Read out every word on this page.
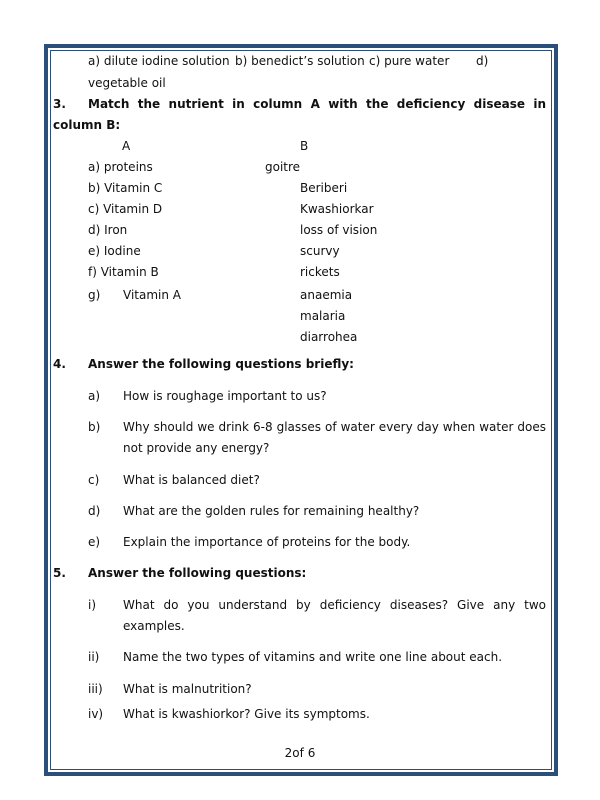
a) dilute iodine solution b) benedict’s solution c) pure water d)
vegetable oil
3. Match the nutrient in column A with the deficiency disease in
column B:
A	B
a) proteins
b) Vitamin C
c) Vitamin D
d) Iron
e) Iodine
f) Vitamin B
g) Vitamin A
goitre
Beriberi
Kwashiorkar
loss of vision
scurvy
rickets
anaemia
malaria
diarrohea
4. Answer the following questions briefly:
a) How is roughage important to us?
b) Why should we drink 6-8 glasses of water every day when water does
not provide any energy?
c) What is balanced diet?
d) What are the golden rules for remaining healthy?
e) Explain the importance of proteins for the body.
5. Answer the following questions:
i) What do you understand by deficiency diseases? Give any two
examples.
ii) Name the two types of vitamins and write one line about each.
iii) What is malnutrition?
iv) What is kwashiorkor? Give its symptoms.
2of 6
